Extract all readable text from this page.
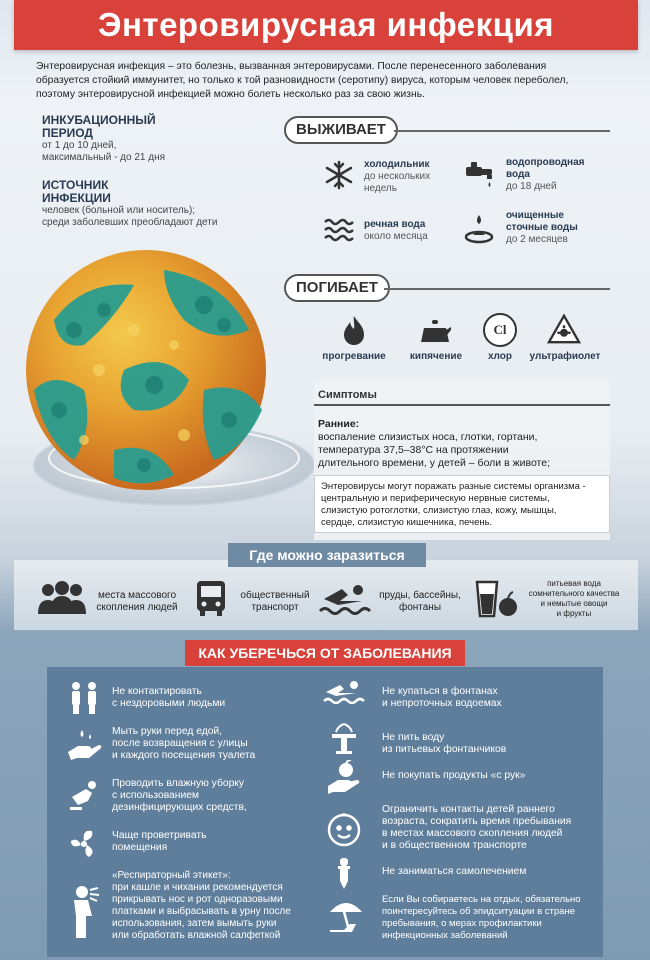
Энтеровирусная инфекция
Энтеровирусная инфекция – это болезнь, вызванная энтеровирусами. После перенесенного заболевания
образуется стойкий иммунитет, но только к той разновидности (серотипу) вируса, которым человек переболел,
поэтому энтеровирусной инфекцией можно болеть несколько раз за свою жизнь.
ИНКУБАЦИОННЫЙ
ПЕРИОД
от 1 до 10 дней,
максимальный - до 21 дня
ИСТОЧНИК
ИНФЕКЦИИ
человек (больной или носитель);
среди заболевших преобладают дети
ВЫЖИВАЕТ
холодильник
до нескольких
недель
водопроводная
вода
до 18 дней
речная вода
около месяца
очищенные
сточные воды
до 2 месяцев
ПОГИБАЕТ
прогревание	кипячение
Cl
хлор	ультрафиолет
Симптомы
Ранние:
воспаление слизистых носа, глотки, гортани,
температура 37,5–38°С на протяжении
длительного времени, у детей – боли в животе;
Энтеровирусы могут поражать разные системы организма -
центральную и периферическую нервные системы,
слизистую ротоглотки, слизистую глаз, кожу, мышцы,
сердце, слизистую кишечника, печень.
Где можно заразиться
места массового
скопления людей
общественный
транспорт
пруды, бассейны,
фонтаны
питьевая вода
сомнительного качества
и немытые овощи
и фрукты
КАК УБЕРЕЧЬСЯ ОТ ЗАБОЛЕВАНИЯ
Не контактировать
с нездоровыми людьми
Мыть руки перед едой,
после возвращения с улицы
и каждого посещения туалета
Проводить влажную уборку
с использованием
дезинфицирующих средств,
Чаще проветривать
помещения
«Респираторный этикет»:
при кашле и чихании рекомендуется
прикрывать нос и рот одноразовыми
платками и выбрасывать в урну после
использования, затем вымыть руки
или обработать влажной салфеткой
Не купаться в фонтанах
и непроточных водоемах
Не пить воду
из питьевых фонтанчиков
Не покупать продукты «с рук»
Ограничить контакты детей раннего
возраста, сократить время пребывания
в местах массового скопления людей
и в общественном транспорте
Не заниматься самолечением
Если Вы собираетесь на отдых, обязательно
поинтересуйтесь об эпидситуации в стране
пребывания, о мерах профилактики
инфекционных заболеваний
